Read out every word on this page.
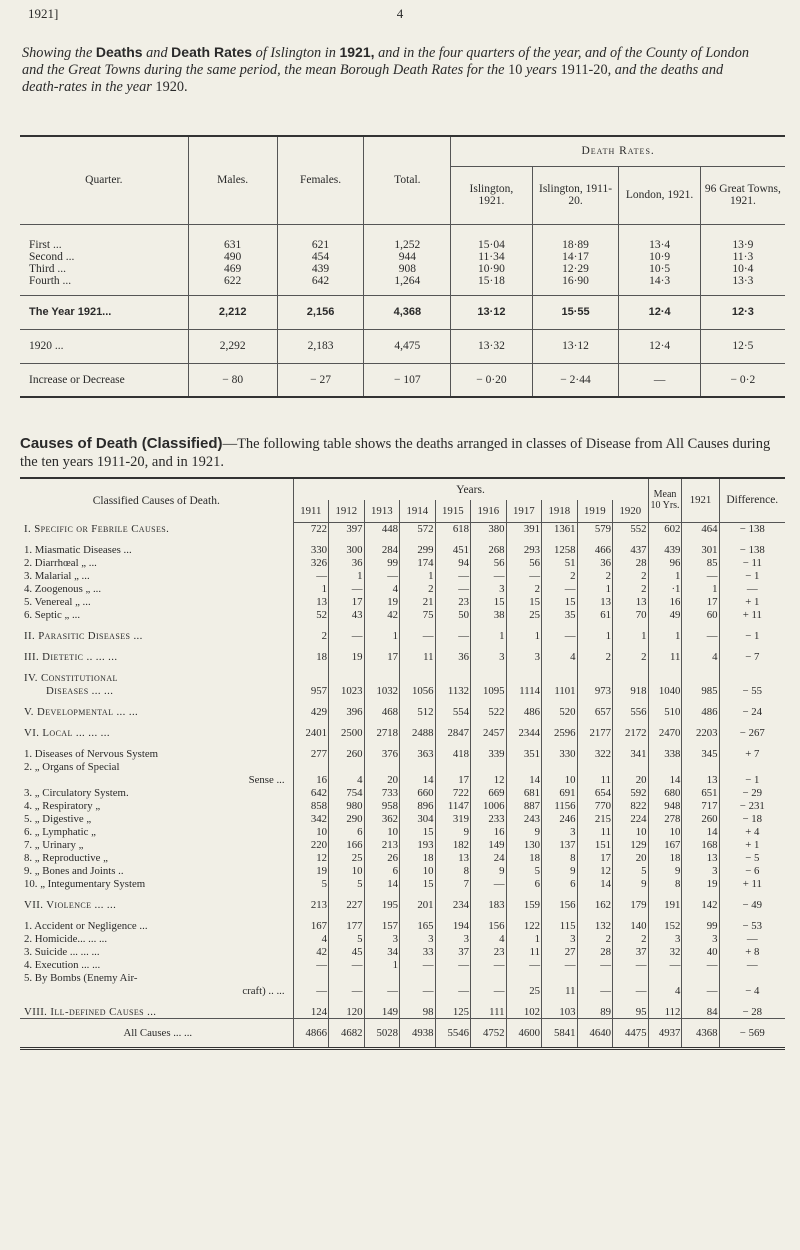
1921]	4
Showing the Deaths and Death Rates of Islington in 1921, and in the four quarters of the year, and of the County of London and the Great Towns during the same period, the mean Borough Death Rates for the 10 years 1911-20, and the deaths and death-rates in the year 1920.
Quarter.	Males.	Females.	Total.	Death Rates.			
				Islington, 1921.	Islington, 1911-20.	London, 1921.	96 Great Towns, 1921.
First ...	631	621	1,252	15·04	18·89	13·4	13·9
Second ...	490	454	944	11·34	14·17	10·9	11·3
Third ...	469	439	908	10·90	12·29	10·5	10·4
Fourth ...	622	642	1,264	15·18	16·90	14·3	13·3
The Year 1921...	2,212	2,156	4,368	13·12	15·55	12·4	12·3
1920 ...	2,292	2,183	4,475	13·32	13·12	12·4	12·5
Increase or Decrease	− 80	− 27	− 107	− 0·20	− 2·44	—	− 0·2
Causes of Death (Classified)—The following table shows the deaths arranged in classes of Disease from All Causes during the ten years 1911-20, and in 1921.
Classified Causes of Death.	Years.										Mean 10 Yrs.	1921	Difference.
	1911	1912	1913	1914	1915	1916	1917	1918	1919	1920			
I. Specific or Febrile Causes.	722	397	448	572	618	380	391	1361	579	552	602	464	− 138
1. Miasmatic Diseases ...	330	300	284	299	451	268	293	1258	466	437	439	301	− 138
2. Diarrhœal „ ...	326	36	99	174	94	56	56	51	36	28	96	85	− 11
3. Malarial „ ...	—	1	—	1	—	—	—	2	2	2	1	—	− 1
4. Zoogenous „ ...	1	—	4	2	—	3	2	—	1	2	·1	1	—
5. Venereal „ ...	13	17	19	21	23	15	15	15	13	13	16	17	+ 1
6. Septic „ ...	52	43	42	75	50	38	25	35	61	70	49	60	+ 11
II. Parasitic Diseases ...	2	—	1	—	—	1	1	—	1	1	1	—	− 1
III. Dietetic .. ... ...	18	19	17	11	36	3	3	4	2	2	11	4	− 7
IV. Constitutional													
Diseases ... ...	957	1023	1032	1056	1132	1095	1114	1101	973	918	1040	985	− 55
V. Developmental ... ...	429	396	468	512	554	522	486	520	657	556	510	486	− 24
VI. Local ... ... ...	2401	2500	2718	2488	2847	2457	2344	2596	2177	2172	2470	2203	− 267
1. Diseases of Nervous System	277	260	376	363	418	339	351	330	322	341	338	345	+ 7
2. „ Organs of Special													
Sense ...	16	4	20	14	17	12	14	10	11	20	14	13	− 1
3. „ Circulatory System.	642	754	733	660	722	669	681	691	654	592	680	651	− 29
4. „ Respiratory „	858	980	958	896	1147	1006	887	1156	770	822	948	717	− 231
5. „ Digestive „	342	290	362	304	319	233	243	246	215	224	278	260	− 18
6. „ Lymphatic „	10	6	10	15	9	16	9	3	11	10	10	14	+ 4
7. „ Urinary „	220	166	213	193	182	149	130	137	151	129	167	168	+ 1
8. „ Reproductive „	12	25	26	18	13	24	18	8	17	20	18	13	− 5
9. „ Bones and Joints ..	19	10	6	10	8	9	5	9	12	5	9	3	− 6
10. „ Integumentary System	5	5	14	15	7	—	6	6	14	9	8	19	+ 11
VII. Violence ... ...	213	227	195	201	234	183	159	156	162	179	191	142	− 49
1. Accident or Negligence ...	167	177	157	165	194	156	122	115	132	140	152	99	− 53
2. Homicide... ... ...	4	5	3	3	3	4	1	3	2	2	3	3	—
3. Suicide ... ... ...	42	45	34	33	37	23	11	27	28	37	32	40	+ 8
4. Execution ... ...	—	—	1	—	—	—	—	—	—	—	—	—	—
5. By Bombs (Enemy Air-													
craft) .. ...	—	—	—	—	—	—	25	11	—	—	4	—	− 4
VIII. Ill-defined Causes ...	124	120	149	98	125	111	102	103	89	95	112	84	− 28
All Causes ... ...	4866	4682	5028	4938	5546	4752	4600	5841	4640	4475	4937	4368	− 569
